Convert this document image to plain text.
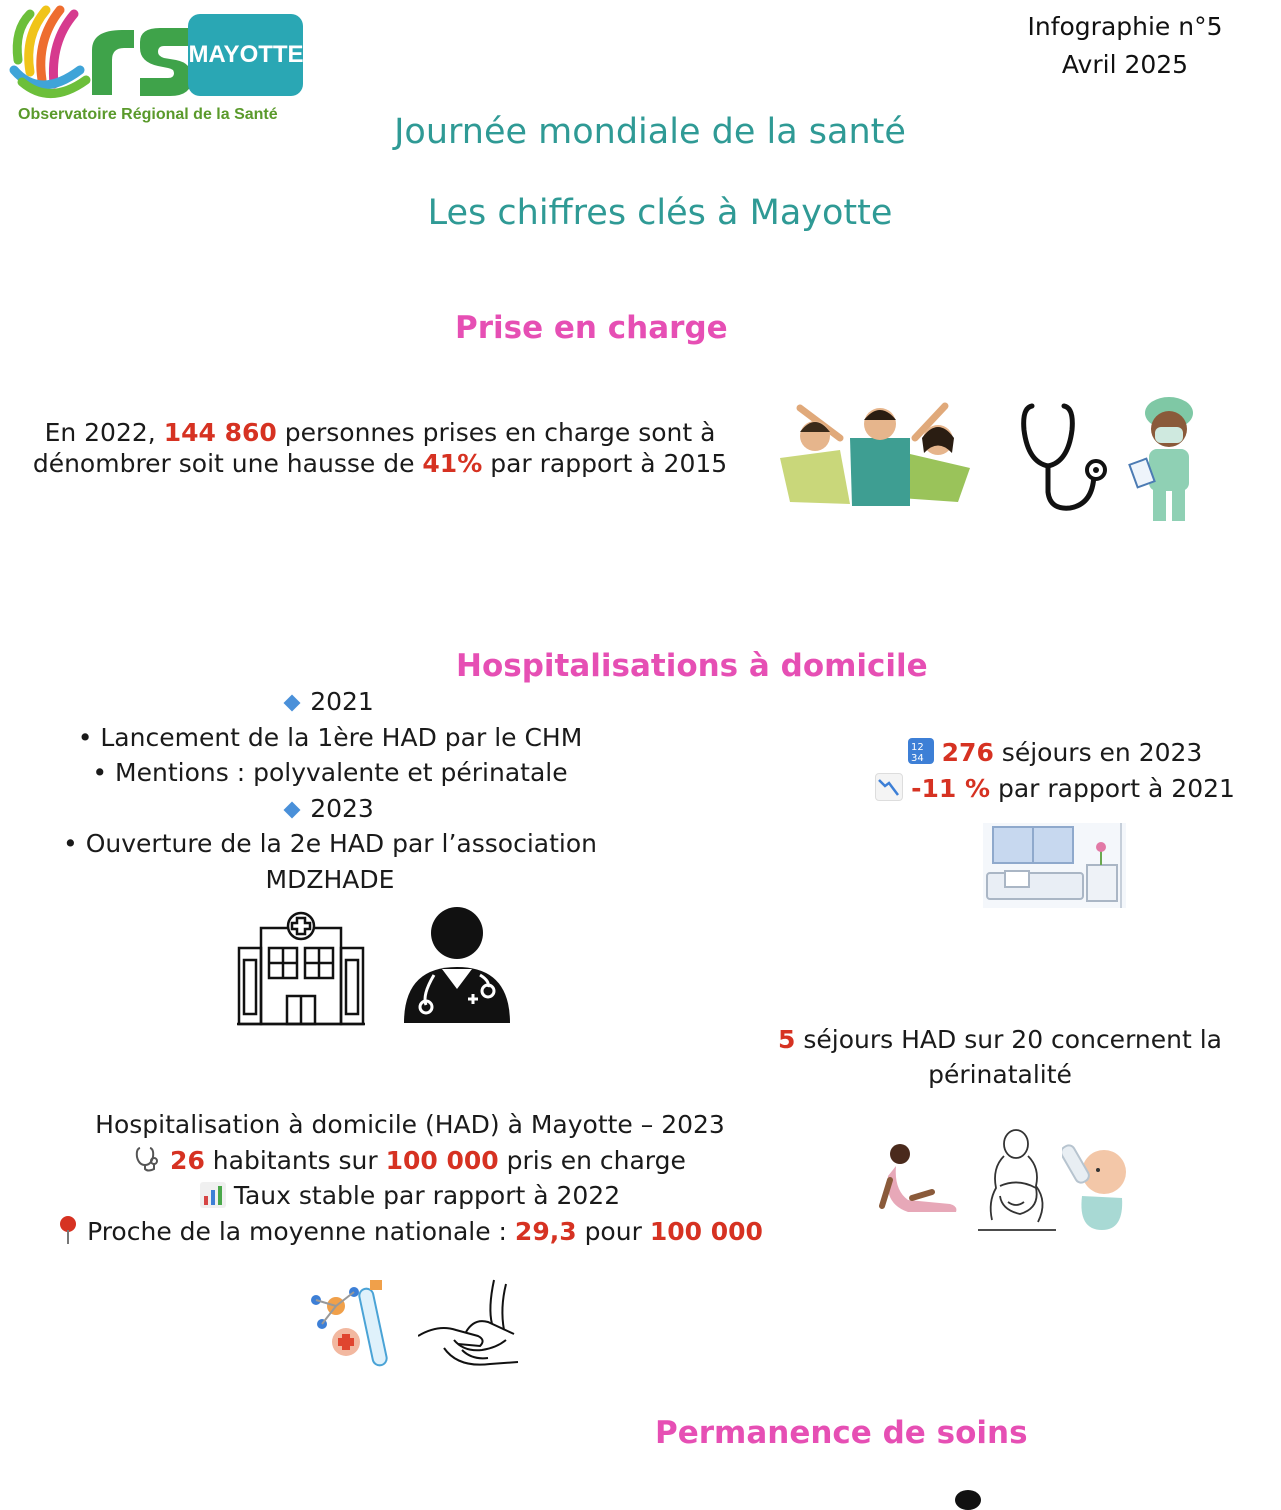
MAYOTTE
Observatoire Régional de la Santé
Infographie n°5
Avril 2025
Journée mondiale de la santé
Les chiffres clés à Mayotte
Prise en charge
En 2022, 144 860 personnes prises en charge sont à dénombrer soit une hausse de 41% par rapport à 2015
Hospitalisations à domicile
2021
• Lancement de la 1ère HAD par le CHM
• Mentions : polyvalente et périnatale
2023
• Ouverture de la 2e HAD par l’association
MDZHADE
12
34 276 séjours en 2023
-11 % par rapport à 2021
5 séjours HAD sur 20 concernent la périnatalité
Hospitalisation à domicile (HAD) à Mayotte – 2023
26 habitants sur 100 000 pris en charge
Taux stable par rapport à 2022
Proche de la moyenne nationale : 29,3 pour 100 000
Permanence de soins
